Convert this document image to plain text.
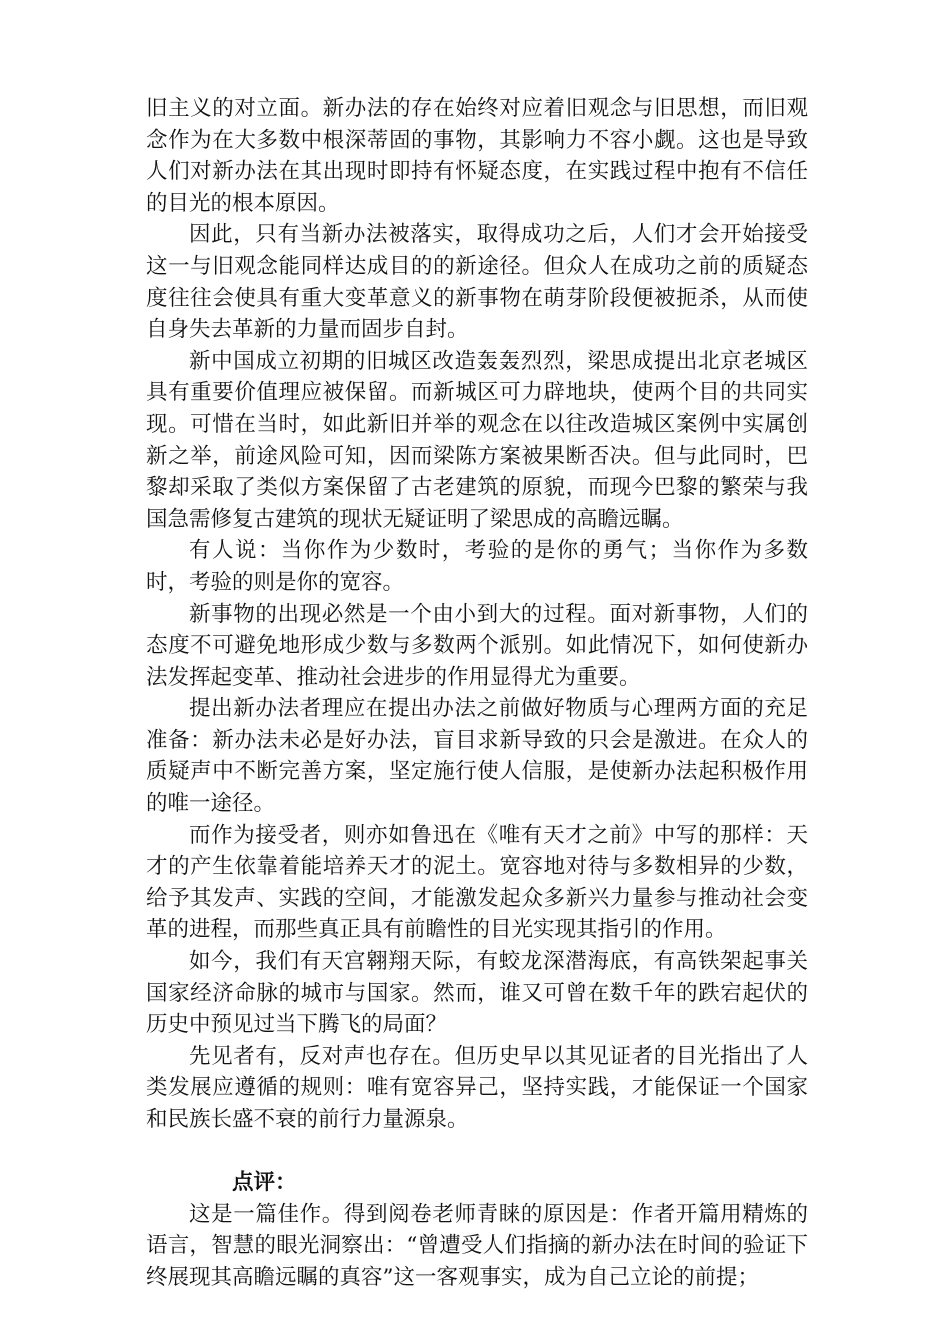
旧主义的对立面。新办法的存在始终对应着旧观念与旧思想，而旧观念作为在大多数中根深蒂固的事物，其影响力不容小觑。这也是导致人们对新办法在其出现时即持有怀疑态度，在实践过程中抱有不信任的目光的根本原因。

因此，只有当新办法被落实，取得成功之后，人们才会开始接受这一与旧观念能同样达成目的的新途径。但众人在成功之前的质疑态度往往会使具有重大变革意义的新事物在萌芽阶段便被扼杀，从而使自身失去革新的力量而固步自封。

新中国成立初期的旧城区改造轰轰烈烈，梁思成提出北京老城区具有重要价值理应被保留。而新城区可力辟地块，使两个目的共同实现。可惜在当时，如此新旧并举的观念在以往改造城区案例中实属创新之举，前途风险可知，因而梁陈方案被果断否决。但与此同时，巴黎却采取了类似方案保留了古老建筑的原貌，而现今巴黎的繁荣与我国急需修复古建筑的现状无疑证明了梁思成的高瞻远瞩。

有人说：当你作为少数时，考验的是你的勇气；当你作为多数时，考验的则是你的宽容。

新事物的出现必然是一个由小到大的过程。面对新事物，人们的态度不可避免地形成少数与多数两个派别。如此情况下，如何使新办法发挥起变革、推动社会进步的作用显得尤为重要。

提出新办法者理应在提出办法之前做好物质与心理两方面的充足准备：新办法未必是好办法，盲目求新导致的只会是激进。在众人的质疑声中不断完善方案，坚定施行使人信服，是使新办法起积极作用的唯一途径。

而作为接受者，则亦如鲁迅在《唯有天才之前》中写的那样：天才的产生依靠着能培养天才的泥土。宽容地对待与多数相异的少数，给予其发声、实践的空间，才能激发起众多新兴力量参与推动社会变革的进程，而那些真正具有前瞻性的目光实现其指引的作用。

如今，我们有天宫翱翔天际，有蛟龙深潜海底，有高铁架起事关国家经济命脉的城市与国家。然而，谁又可曾在数千年的跌宕起伏的历史中预见过当下腾飞的局面？

先见者有，反对声也存在。但历史早以其见证者的目光指出了人类发展应遵循的规则：唯有宽容异己，坚持实践，才能保证一个国家和民族长盛不衰的前行力量源泉。

点评：

这是一篇佳作。得到阅卷老师青睐的原因是：作者开篇用精炼的语言，智慧的眼光洞察出：“曾遭受人们指摘的新办法在时间的验证下终展现其高瞻远瞩的真容”这一客观事实，成为自己立论的前提；
